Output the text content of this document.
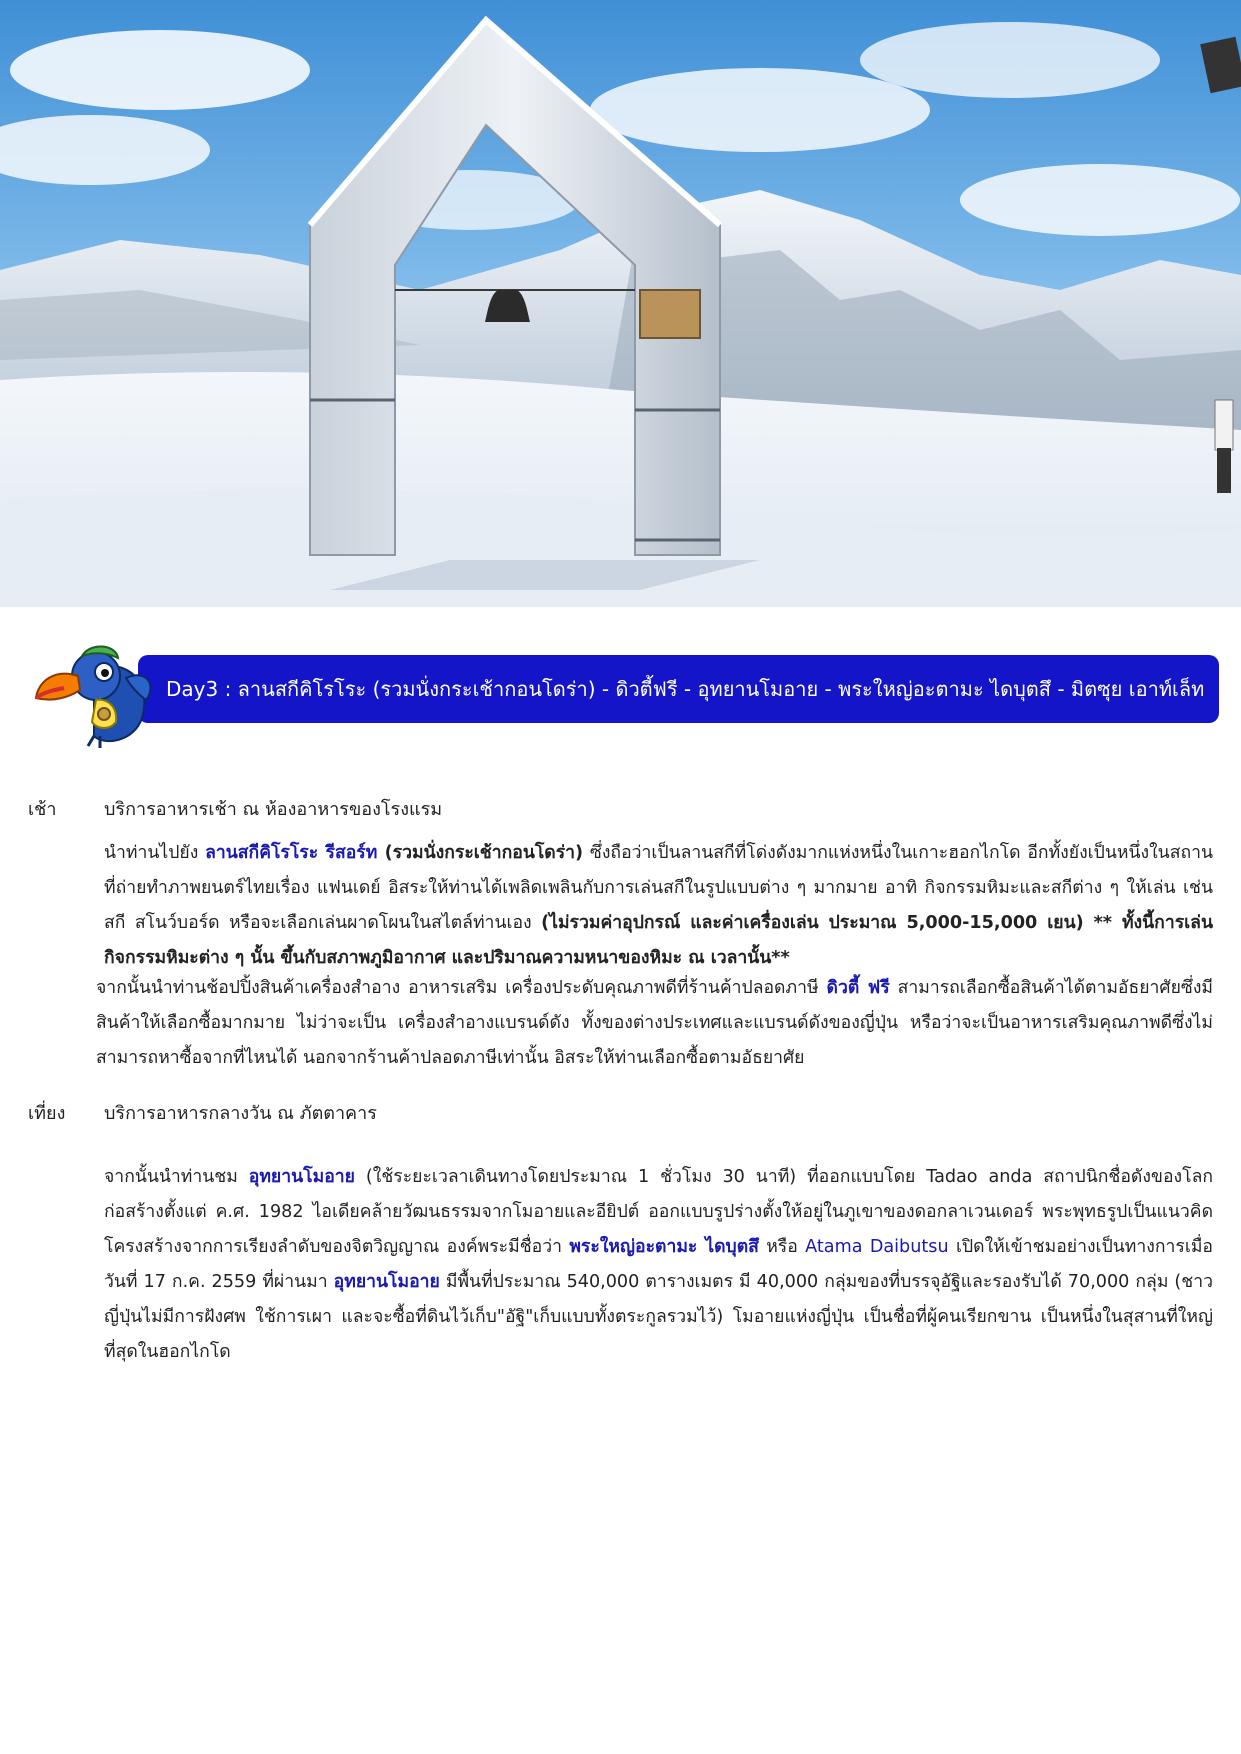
Day3 : ลานสกีคิโรโระ (รวมนั่งกระเช้ากอนโดร่า) - ดิวตี้ฟรี - อุทยานโมอาย - พระใหญ่อะตามะ ไดบุตสึ - มิตซุย เอาท์เล็ท
เช้า	บริการอาหารเช้า ณ ห้องอาหารของโรงแรม
นำท่านไปยัง ลานสกีคิโรโระ รีสอร์ท (รวมนั่งกระเช้ากอนโดร่า) ซึ่งถือว่าเป็นลานสกีที่โด่งดังมากแห่งหนึ่งในเกาะฮอกไกโด อีกทั้งยังเป็นหนึ่งในสถานที่ถ่ายทำภาพยนตร์ไทยเรื่อง แฟนเดย์ อิสระให้ท่านได้เพลิดเพลินกับการเล่นสกีในรูปแบบต่าง ๆ มากมาย อาทิ กิจกรรมหิมะและสกีต่าง ๆ ให้เล่น เช่น สกี สโนว์บอร์ด หรือจะเลือกเล่นผาดโผนในสไตล์ท่านเอง (ไม่รวมค่าอุปกรณ์ และค่าเครื่องเล่น ประมาณ 5,000-15,000 เยน) ** ทั้งนี้การเล่นกิจกรรมหิมะต่าง ๆ นั้น ขึ้นกับสภาพภูมิอากาศ และปริมาณความหนาของหิมะ ณ เวลานั้น**
จากนั้นนำท่านช้อปปิ้งสินค้าเครื่องสำอาง อาหารเสริม เครื่องประดับคุณภาพดีที่ร้านค้าปลอดภาษี ดิวตี้ ฟรี สามารถเลือกซื้อสินค้าได้ตามอัธยาศัยซึ่งมีสินค้าให้เลือกซื้อมากมาย ไม่ว่าจะเป็น เครื่องสำอางแบรนด์ดัง ทั้งของต่างประเทศและแบรนด์ดังของญี่ปุ่น หรือว่าจะเป็นอาหารเสริมคุณภาพดีซึ่งไม่สามารถหาซื้อจากที่ไหนได้ นอกจากร้านค้าปลอดภาษีเท่านั้น อิสระให้ท่านเลือกซื้อตามอัธยาศัย
เที่ยง บริการอาหารกลางวัน ณ ภัตตาคาร
จากนั้นนำท่านชม อุทยานโมอาย (ใช้ระยะเวลาเดินทางโดยประมาณ 1 ชั่วโมง 30 นาที) ที่ออกแบบโดย Tadao anda สถาปนิกชื่อดังของโลก ก่อสร้างตั้งแต่ ค.ศ. 1982 ไอเดียคล้ายวัฒนธรรมจากโมอายและอียิปต์ ออกแบบรูปร่างตั้งให้อยู่ในภูเขาของดอกลาเวนเดอร์ พระพุทธรูปเป็นแนวคิดโครงสร้างจากการเรียงลำดับของจิตวิญญาณ องค์พระมีชื่อว่า พระใหญ่อะตามะ ไดบุตสึ หรือ Atama Daibutsu เปิดให้เข้าชมอย่างเป็นทางการเมื่อวันที่ 17 ก.ค. 2559 ที่ผ่านมา อุทยานโมอาย มีพื้นที่ประมาณ 540,000 ตารางเมตร มี 40,000 กลุ่มของที่บรรจุอัฐิและรองรับได้ 70,000 กลุ่ม (ชาวญี่ปุ่นไม่มีการฝังศพ ใช้การเผา และจะซื้อที่ดินไว้เก็บ"อัฐิ"เก็บแบบทั้งตระกูลรวมไว้) โมอายแห่งญี่ปุ่น เป็นชื่อที่ผู้คนเรียกขาน เป็นหนึ่งในสุสานที่ใหญ่ที่สุดในฮอกไกโด
